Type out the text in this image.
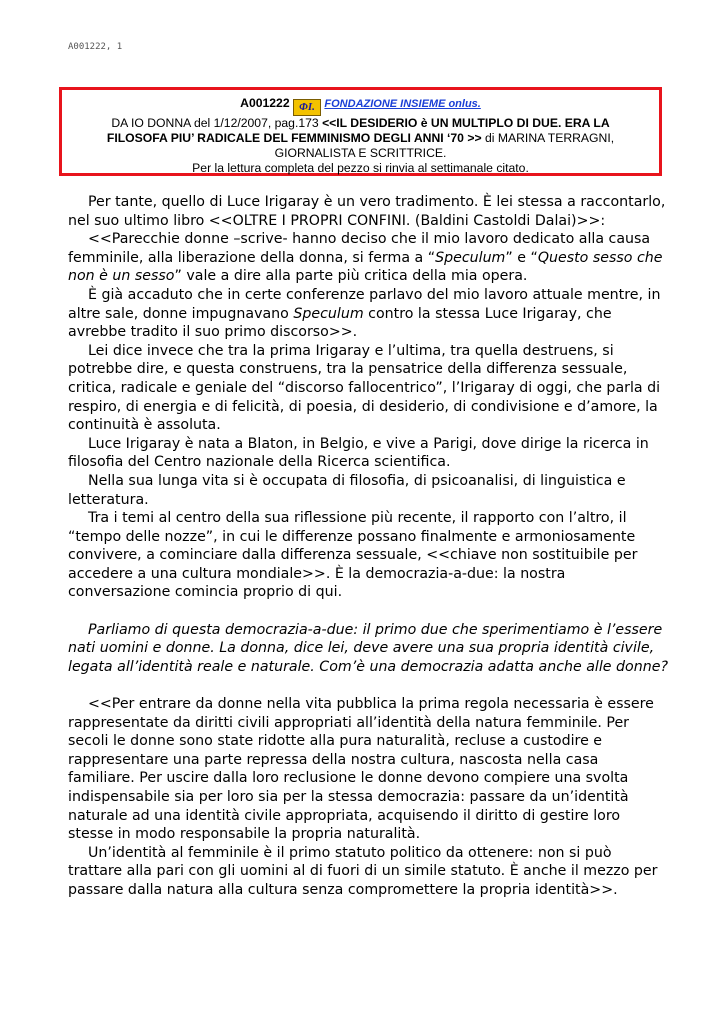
A001222, 1
A001222 ΦI. FONDAZIONE INSIEME onlus.
DA IO DONNA del 1/12/2007, pag.173 <<IL DESIDERIO è UN MULTIPLO DI DUE. ERA LA
FILOSOFA PIU’ RADICALE DEL FEMMINISMO DEGLI ANNI ‘70 >> di MARINA TERRAGNI,
GIORNALISTA E SCRITTRICE.
Per la lettura completa del pezzo si rinvia al settimanale citato.

Per tante, quello di Luce Irigaray è un vero tradimento. È lei stessa a raccontarlo, nel suo ultimo libro <<OLTRE I PROPRI CONFINI. (Baldini Castoldi Dalai)>>:

<<Parecchie donne –scrive- hanno deciso che il mio lavoro dedicato alla causa femminile, alla liberazione della donna, si ferma a “Speculum” e “Questo sesso che non è un sesso” vale a dire alla parte più critica della mia opera.

È già accaduto che in certe conferenze parlavo del mio lavoro attuale mentre, in altre sale, donne impugnavano Speculum contro la stessa Luce Irigaray, che avrebbe tradito il suo primo discorso>>.

Lei dice invece che tra la prima Irigaray e l’ultima, tra quella destruens, si potrebbe dire, e questa construens, tra la pensatrice della differenza sessuale, critica, radicale e geniale del “discorso fallocentrico”, l’Irigaray di oggi, che parla di respiro, di energia e di felicità, di poesia, di desiderio, di condivisione e d’amore, la continuità è assoluta.

Luce Irigaray è nata a Blaton, in Belgio, e vive a Parigi, dove dirige la ricerca in filosofia del Centro nazionale della Ricerca scientifica.

Nella sua lunga vita si è occupata di filosofia, di psicoanalisi, di linguistica e letteratura.

Tra i temi al centro della sua riflessione più recente, il rapporto con l’altro, il “tempo delle nozze”, in cui le differenze possano finalmente e armoniosamente convivere, a cominciare dalla differenza sessuale, <<chiave non sostituibile per accedere a una cultura mondiale>>. È la democrazia-a-due: la nostra conversazione comincia proprio di qui.

Parliamo di questa democrazia-a-due: il primo due che sperimentiamo è l’essere nati uomini e donne. La donna, dice lei, deve avere una sua propria identità civile, legata all’identità reale e naturale. Com’è una democrazia adatta anche alle donne?

<<Per entrare da donne nella vita pubblica la prima regola necessaria è essere rappresentate da diritti civili appropriati all’identità della natura femminile. Per secoli le donne sono state ridotte alla pura naturalità, recluse a custodire e rappresentare una parte repressa della nostra cultura, nascosta nella casa familiare. Per uscire dalla loro reclusione le donne devono compiere una svolta indispensabile sia per loro sia per la stessa democrazia: passare da un’identità naturale ad una identità civile appropriata, acquisendo il diritto di gestire loro stesse in modo responsabile la propria naturalità.

Un’identità al femminile è il primo statuto politico da ottenere: non si può trattare alla pari con gli uomini al di fuori di un simile statuto. È anche il mezzo per passare dalla natura alla cultura senza compromettere la propria identità>>.
